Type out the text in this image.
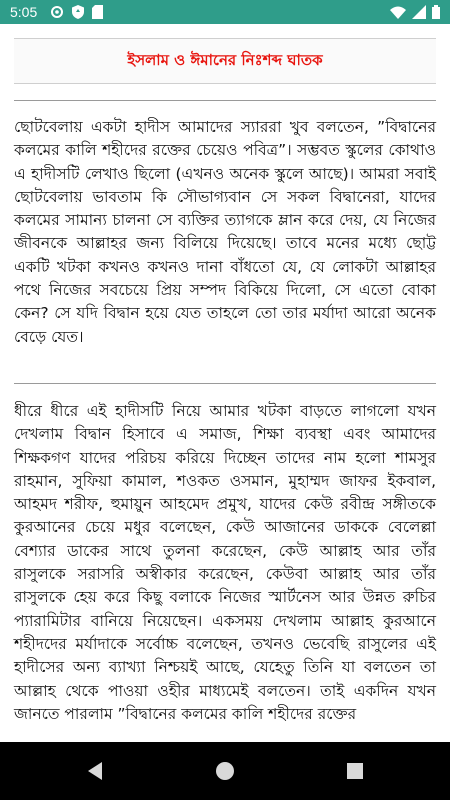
5:05
ইসলাম ও ঈমানের নিঃশব্দ ঘাতক

ছোটবেলায় একটা হাদীস আমাদের স্যাররা খুব বলতেন, ”বিদ্বানের কলমের কালি শহীদের রক্তের চেয়েও পবিত্র”। সম্ভবত স্কুলের কোথাও এ হাদীসটি লেখাও ছিলো (এখনও অনেক স্কুলে আছে)। আমরা সবাই ছোটবেলায় ভাবতাম কি সৌভাগ্যবান সে সকল বিদ্বানেরা, যাদের কলমের সামান্য চালনা সে ব্যক্তির ত্যাগকে ম্লান করে দেয়, যে নিজের জীবনকে আল্লাহর জন্য বিলিয়ে দিয়েছে। তাবে মনের মধ্যে ছোট্ট একটি খটকা কখনও কখনও দানা বাঁধতো যে, যে লোকটা আল্লাহর পথে নিজের সবচেয়ে প্রিয় সম্পদ বিকিয়ে দিলো, সে এতো বোকা কেন? সে যদি বিদ্বান হয়ে যেত তাহলে তো তার মর্যাদা আরো অনেক বেড়ে যেত।

ধীরে ধীরে এই হাদীসটি নিয়ে আমার খটকা বাড়তে লাগলো যখন দেখলাম বিদ্বান হিসাবে এ সমাজ, শিক্ষা ব্যবস্থা এবং আমাদের শিক্ষকগণ যাদের পরিচয় করিয়ে দিচ্ছেন তাদের নাম হলো শামসুর রাহমান, সুফিয়া কামাল, শওকত ওসমান, মুহাম্মদ জাফর ইকবাল, আহমদ শরীফ, হুমায়ুন আহমেদ প্রমুখ, যাদের কেউ রবীন্দ্র সঙ্গীতকে কুরআনের চেয়ে মধুর বলেছেন, কেউ আজানের ডাককে বেলেল্লা বেশ্যার ডাকের সাথে তুলনা করেছেন, কেউ আল্লাহ আর তাঁর রাসুলকে সরাসরি অস্বীকার করেছেন, কেউবা আল্লাহ আর তাঁর রাসুলকে হেয় করে কিছু বলাকে নিজের স্মার্টনেস আর উন্নত রুচির প্যারামিটার বানিয়ে নিয়েছেন। একসময় দেখলাম আল্লাহ কুরআনে শহীদদের মর্যাদাকে সর্বোচ্চ বলেছেন, তখনও ভেবেছি রাসুলের এই হাদীসের অন্য ব্যাখ্যা নিশ্চয়ই আছে, যেহেতু তিনি যা বলতেন তা আল্লাহ থেকে পাওয়া ওহীর মাধ্যমেই বলতেন। তাই একদিন যখন জানতে পারলাম ”বিদ্বানের কলমের কালি শহীদের রক্তের
